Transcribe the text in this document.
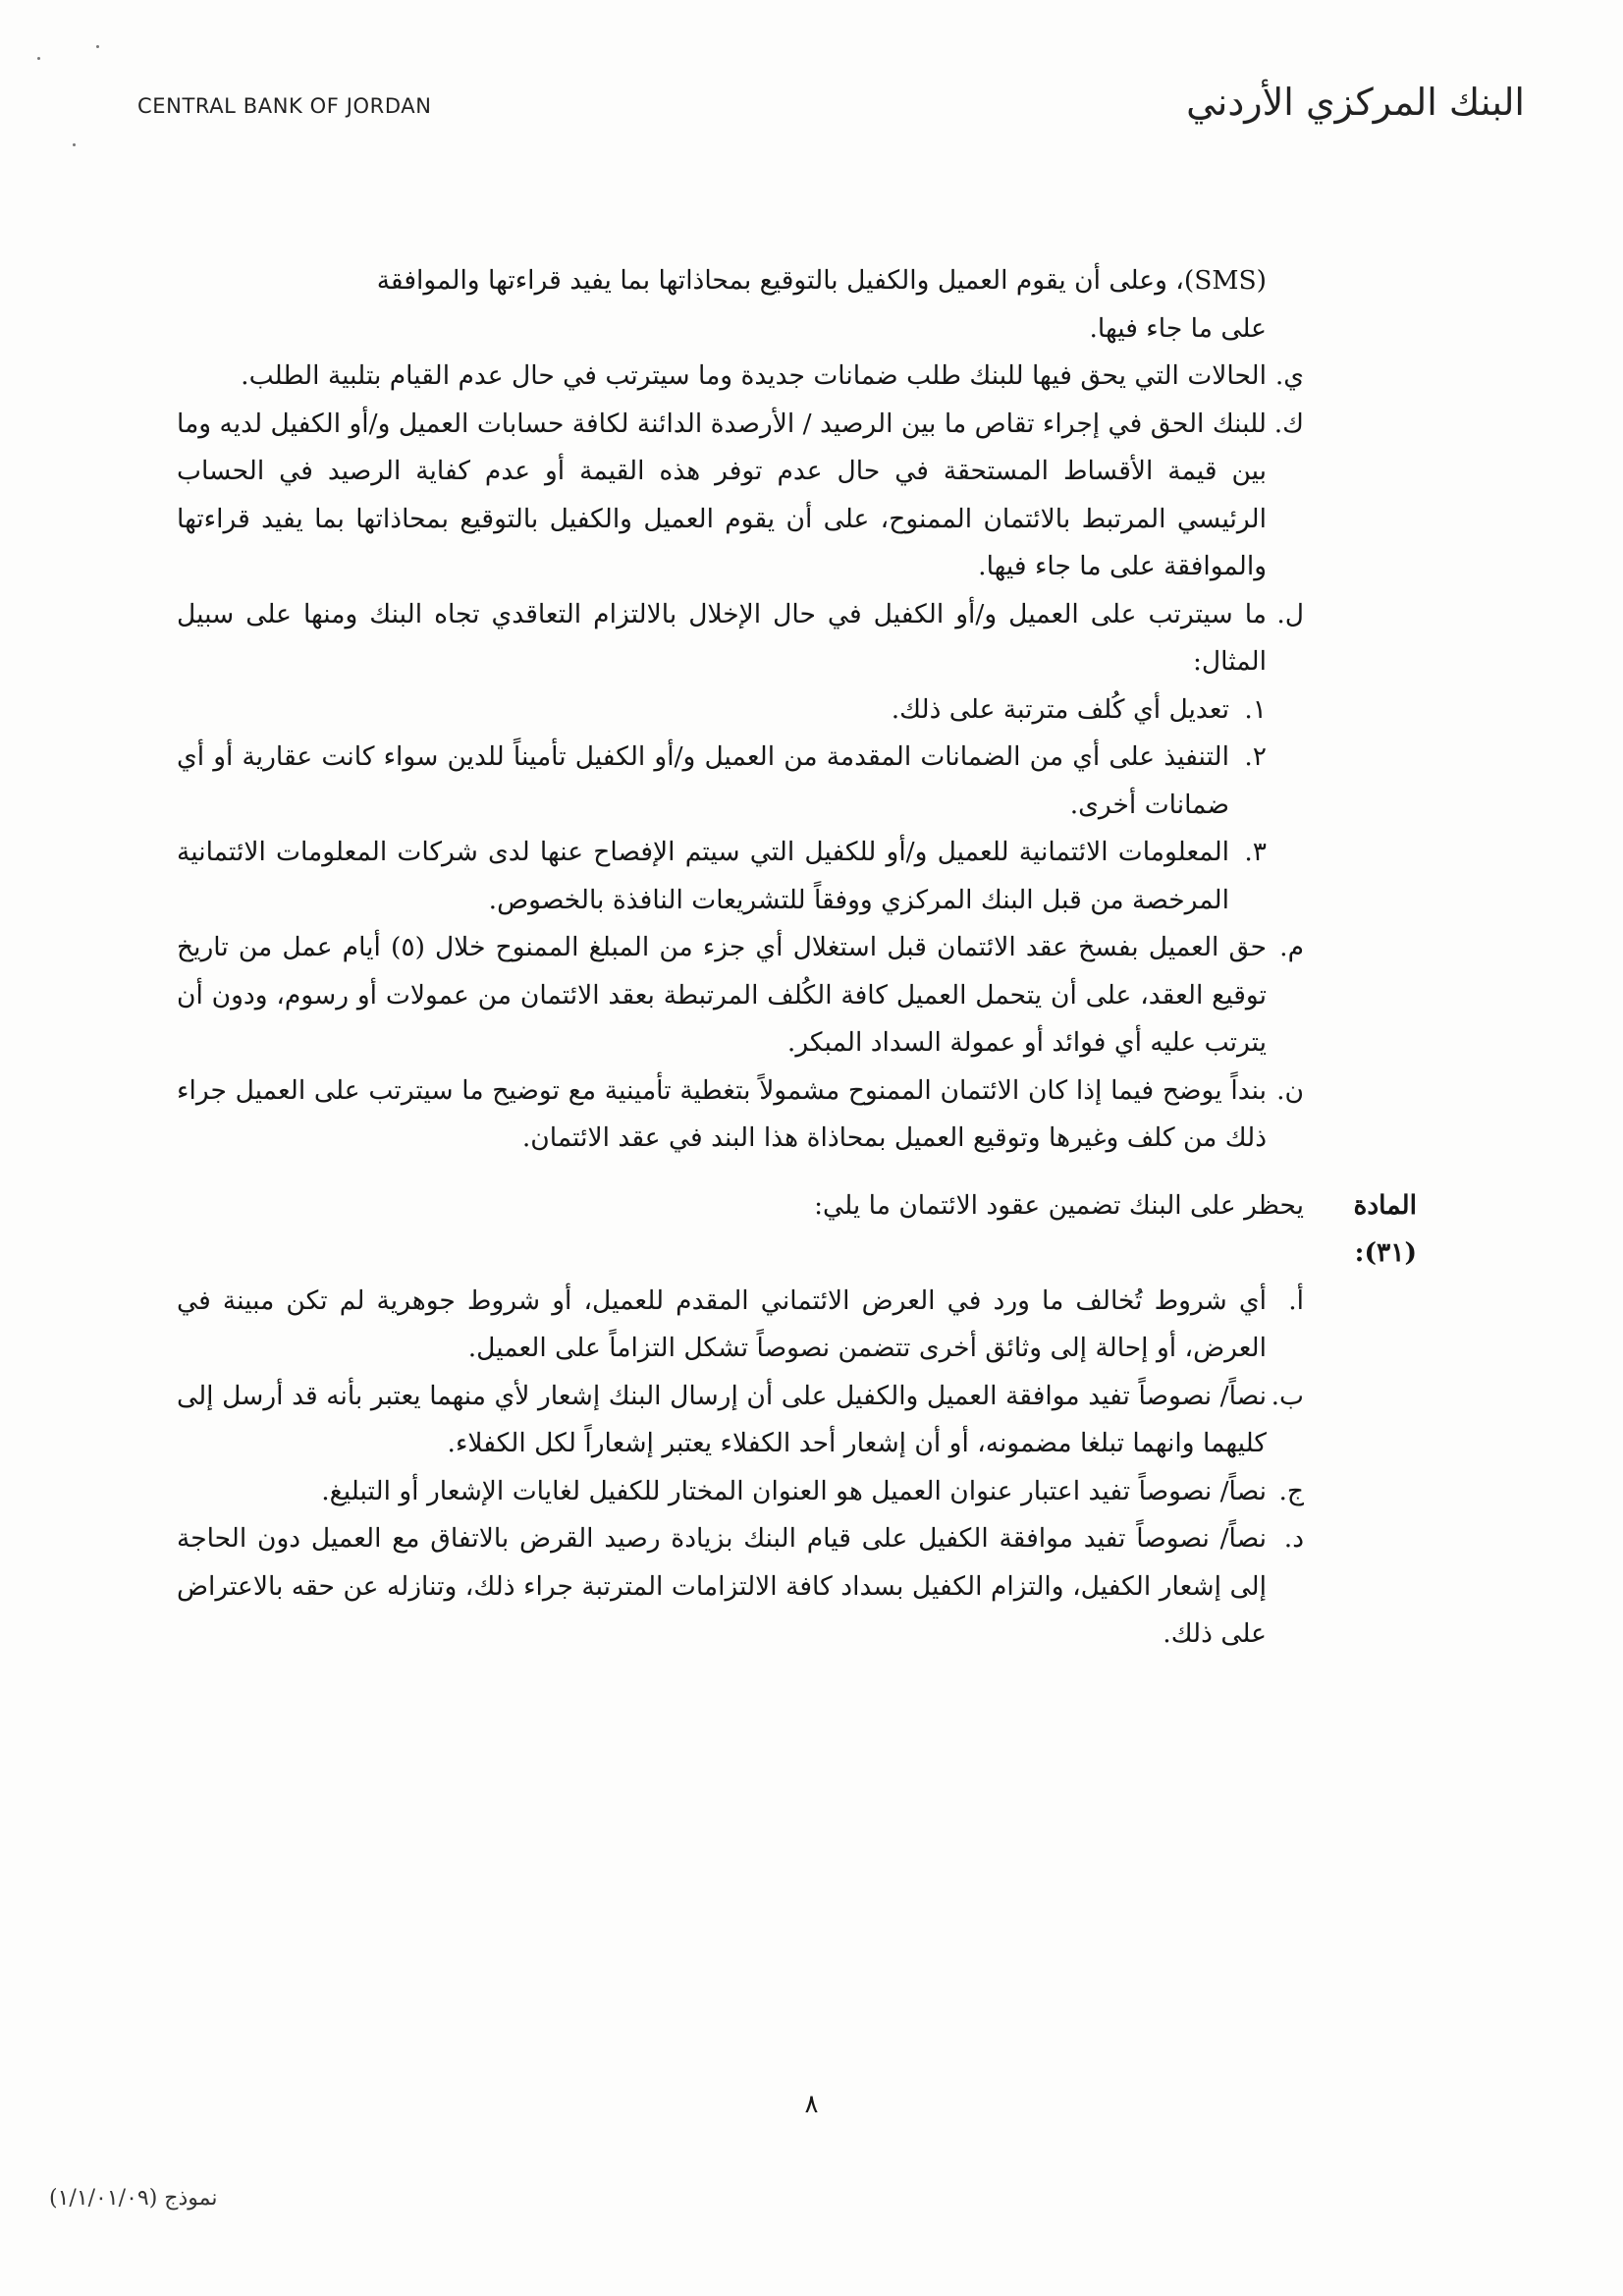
CENTRAL BANK OF JORDAN	البنك المركزي الأردني

(SMS)، وعلى أن يقوم العميل والكفيل بالتوقيع بمحاذاتها بما يفيد قراءتها والموافقة

على ما جاء فيها.

ي.
الحالات التي يحق فيها للبنك طلب ضمانات جديدة وما سيترتب في حال عدم القيام بتلبية الطلب.
ك.
للبنك الحق في إجراء تقاص ما بين الرصيد / الأرصدة الدائنة لكافة حسابات العميل و/أو الكفيل لديه وما بين قيمة الأقساط المستحقة في حال عدم توفر هذه القيمة أو عدم كفاية الرصيد في الحساب الرئيسي المرتبط بالائتمان الممنوح، على أن يقوم العميل والكفيل بالتوقيع بمحاذاتها بما يفيد قراءتها والموافقة على ما جاء فيها.
ل.
ما سيترتب على العميل و/أو الكفيل في حال الإخلال بالالتزام التعاقدي تجاه البنك ومنها على سبيل المثال:
١.
تعديل أي كُلف مترتبة على ذلك.
٢.
التنفيذ على أي من الضمانات المقدمة من العميل و/أو الكفيل تأميناً للدين سواء كانت عقارية أو أي ضمانات أخرى.
٣.
المعلومات الائتمانية للعميل و/أو للكفيل التي سيتم الإفصاح عنها لدى شركات المعلومات الائتمانية المرخصة من قبل البنك المركزي ووفقاً للتشريعات النافذة بالخصوص.
م.
حق العميل بفسخ عقد الائتمان قبل استغلال أي جزء من المبلغ الممنوح خلال (٥) أيام عمل من تاريخ توقيع العقد، على أن يتحمل العميل كافة الكُلف المرتبطة بعقد الائتمان من عمولات أو رسوم، ودون أن يترتب عليه أي فوائد أو عمولة السداد المبكر.
ن.
بنداً يوضح فيما إذا كان الائتمان الممنوح مشمولاً بتغطية تأمينية مع توضيح ما سيترتب على العميل جراء ذلك من كلف وغيرها وتوقيع العميل بمحاذاة هذا البند في عقد الائتمان.
المادة (٣١):
يحظر على البنك تضمين عقود الائتمان ما يلي:
أ.
أي شروط تُخالف ما ورد في العرض الائتماني المقدم للعميل، أو شروط جوهرية لم تكن مبينة في العرض، أو إحالة إلى وثائق أخرى تتضمن نصوصاً تشكل التزاماً على العميل.
ب.
نصاً/ نصوصاً تفيد موافقة العميل والكفيل على أن إرسال البنك إشعار لأي منهما يعتبر بأنه قد أرسل إلى كليهما وانهما تبلغا مضمونه، أو أن إشعار أحد الكفلاء يعتبر إشعاراً لكل الكفلاء.
ج.
نصاً/ نصوصاً تفيد اعتبار عنوان العميل هو العنوان المختار للكفيل لغايات الإشعار أو التبليغ.
د.
نصاً/ نصوصاً تفيد موافقة الكفيل على قيام البنك بزيادة رصيد القرض بالاتفاق مع العميل دون الحاجة إلى إشعار الكفيل، والتزام الكفيل بسداد كافة الالتزامات المترتبة جراء ذلك، وتنازله عن حقه بالاعتراض على ذلك.
٨
نموذج (١/١/٠١/٠٩)
